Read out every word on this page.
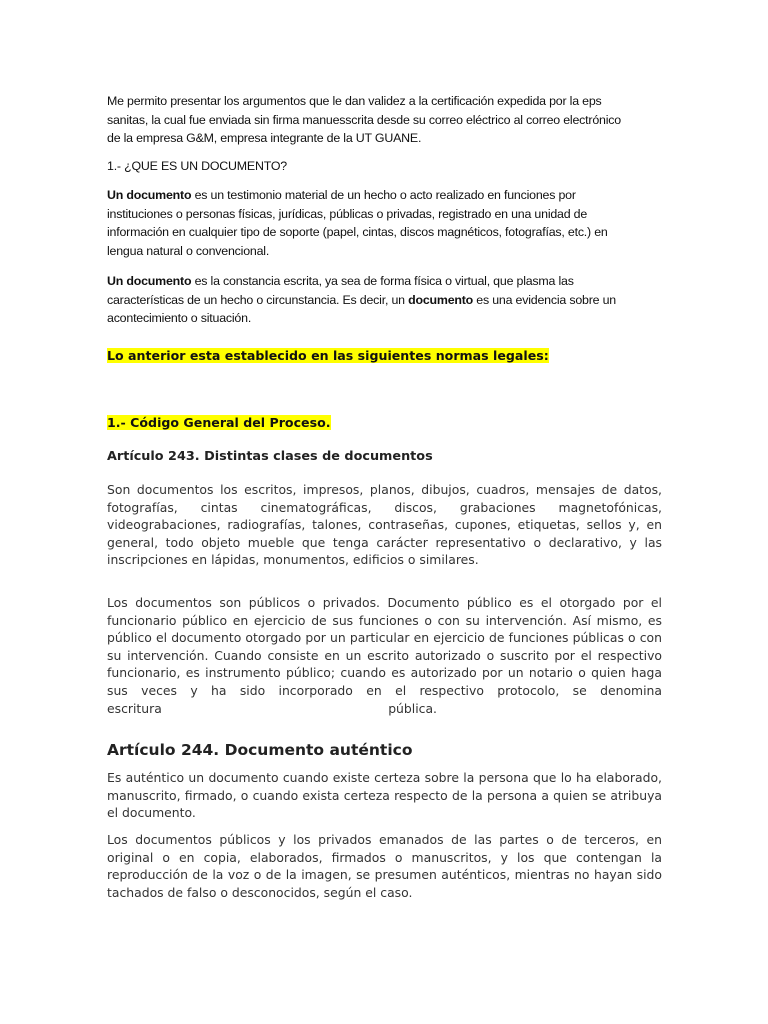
Me permito presentar los argumentos que le dan validez a la certificación expedida por la eps

sanitas, la cual fue enviada sin firma manuesscrita desde su correo eléctrico al correo electrónico

de la empresa G&M, empresa integrante de la UT GUANE.

1.- ¿QUE ES UN DOCUMENTO?

Un documento es un testimonio material de un hecho o acto realizado en funciones por

instituciones o personas físicas, jurídicas, públicas o privadas, registrado en una unidad de

información en cualquier tipo de soporte (papel, cintas, discos magnéticos, fotografías, etc.) en

lengua natural o convencional.

Un documento es la constancia escrita, ya sea de forma física o virtual, que plasma las

características de un hecho o circunstancia. Es decir, un documento es una evidencia sobre un

acontecimiento o situación.

Lo anterior esta establecido en las siguientes normas legales:
1.- Código General del Proceso.
Artículo 243. Distintas clases de documentos

Son documentos los escritos, impresos, planos, dibujos, cuadros, mensajes de datos, fotografías, cintas cinematográficas, discos, grabaciones magnetofónicas, videograbaciones, radiografías, talones, contraseñas, cupones, etiquetas, sellos y, en general, todo objeto mueble que tenga carácter representativo o declarativo, y las inscripciones en lápidas, monumentos, edificios o similares.

Los documentos son públicos o privados. Documento público es el otorgado por el funcionario público en ejercicio de sus funciones o con su intervención. Así mismo, es público el documento otorgado por un particular en ejercicio de funciones públicas o con su intervención. Cuando consiste en un escrito autorizado o suscrito por el respectivo funcionario, es instrumento público; cuando es autorizado por un notario o quien haga sus veces y ha sido incorporado en el respectivo protocolo, se denomina

escritura	pública.

Artículo 244. Documento auténtico

Es auténtico un documento cuando existe certeza sobre la persona que lo ha elaborado, manuscrito, firmado, o cuando exista certeza respecto de la persona a quien se atribuya el documento.

Los documentos públicos y los privados emanados de las partes o de terceros, en original o en copia, elaborados, firmados o manuscritos, y los que contengan la reproducción de la voz o de la imagen, se presumen auténticos, mientras no hayan sido tachados de falso o desconocidos, según el caso.
